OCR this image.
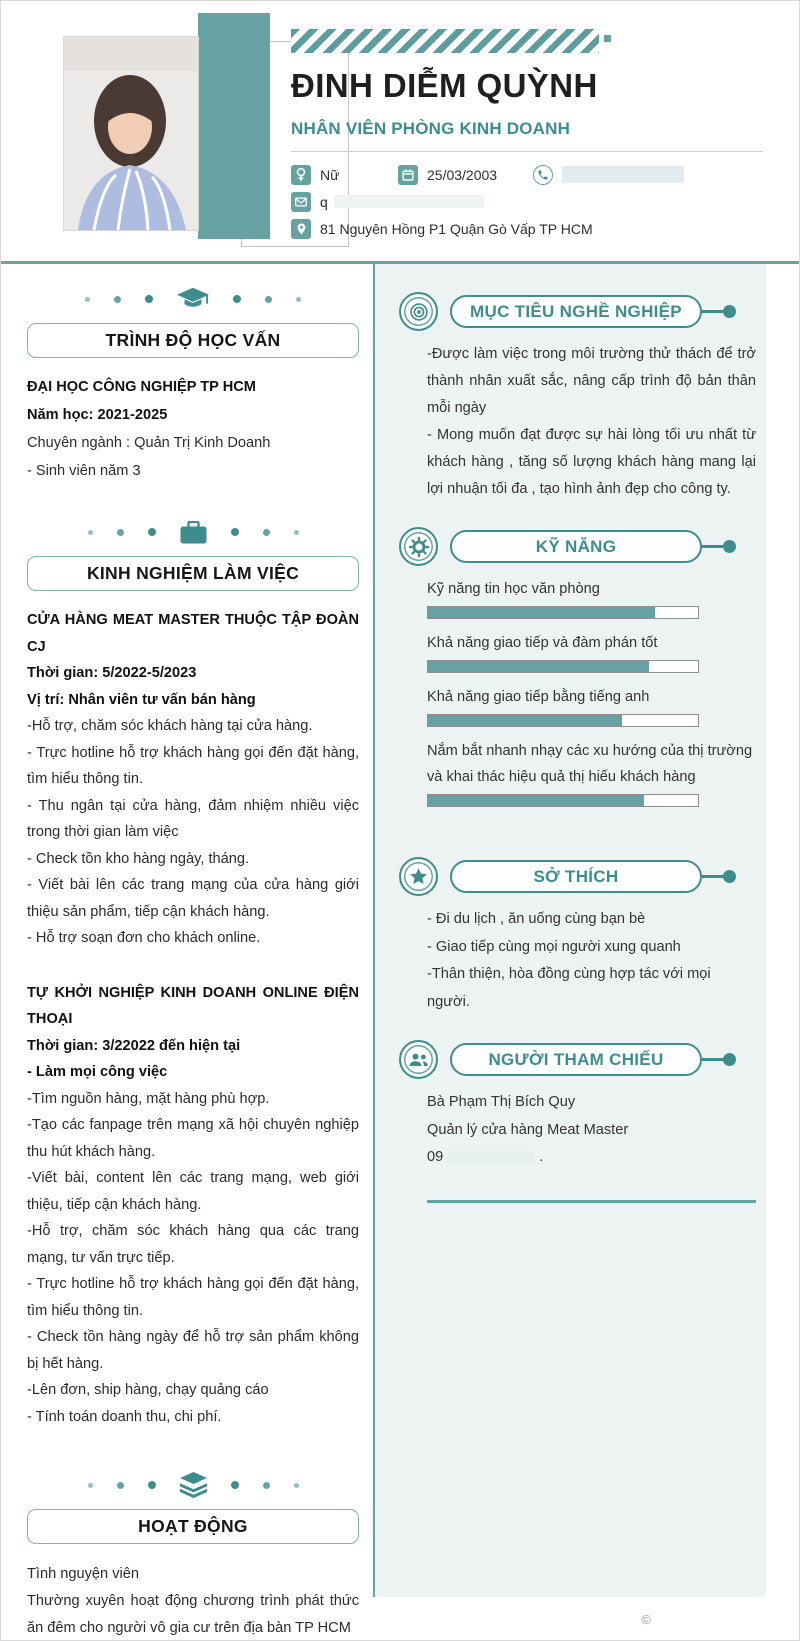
ĐINH DIỄM QUỲNH
NHÂN VIÊN PHÒNG KINH DOANH
Nữ	25/03/2003
q
81 Nguyên Hồng P1 Quận Gò Vấp TP HCM
TRÌNH ĐỘ HỌC VẤN

ĐẠI HỌC CÔNG NGHIỆP TP HCM

Năm học: 2021-2025

Chuyên ngành : Quản Trị Kinh Doanh

- Sinh viên năm 3

KINH NGHIỆM LÀM VIỆC

CỬA HÀNG MEAT MASTER THUỘC TẬP ĐOÀN CJ

Thời gian: 5/2022-5/2023

Vị trí: Nhân viên tư vấn bán hàng

-Hỗ trợ, chăm sóc khách hàng tại cửa hàng.

- Trực hotline hỗ trợ khách hàng gọi đến đặt hàng, tìm hiểu thông tin.

- Thu ngân tại cửa hàng, đảm nhiệm nhiều việc trong thời gian làm việc

- Check tồn kho hàng ngày, tháng.

- Viết bài lên các trang mạng của cửa hàng giới thiệu sản phẩm, tiếp cận khách hàng.

- Hỗ trợ soạn đơn cho khách online.

TỰ KHỞI NGHIỆP KINH DOANH ONLINE ĐIỆN THOẠI

Thời gian: 3/22022 đến hiện tại

- Làm mọi công việc

-Tìm nguồn hàng, mặt hàng phù hợp.

-Tạo các fanpage trên mạng xã hội chuyên nghiệp thu hút khách hàng.

-Viết bài, content lên các trang mạng, web giới thiệu, tiếp cận khách hàng.

-Hỗ trợ, chăm sóc khách hàng qua các trang mạng, tư vấn trực tiếp.

- Trực hotline hỗ trợ khách hàng gọi đến đặt hàng, tìm hiểu thông tin.

- Check tồn hàng ngày để hỗ trợ sản phẩm không bị hết hàng.

-Lên đơn, ship hàng, chạy quảng cáo

- Tính toán doanh thu, chi phí.

HOẠT ĐỘNG

Tình nguyện viên

Thường xuyên hoạt động chương trình phát thức ăn đêm cho người vô gia cư trên địa bàn TP HCM

MỤC TIÊU NGHỀ NGHIỆP

-Được làm việc trong môi trường thử thách để trở thành nhân xuất sắc, nâng cấp trình độ bản thân mỗi ngày

- Mong muốn đạt được sự hài lòng tối ưu nhất từ khách hàng , tăng số lượng khách hàng mang lại lợi nhuận tối đa , tạo hình ảnh đẹp cho công ty.

KỸ NĂNG
Kỹ năng tin học văn phòng
Khả năng giao tiếp và đàm phán tốt
Khả năng giao tiếp bằng tiếng anh
Nắm bắt nhanh nhạy các xu hướng của thị trường và khai thác hiệu quả thị hiếu khách hàng
SỞ THÍCH

- Đi du lịch , ăn uống cùng bạn bè

- Giao tiếp cùng mọi người xung quanh

-Thân thiện, hòa đồng cùng hợp tác với mọi người.

NGƯỜI THAM CHIẾU

Bà Phạm Thị Bích Quy

Quản lý cửa hàng Meat Master

09	.
©
